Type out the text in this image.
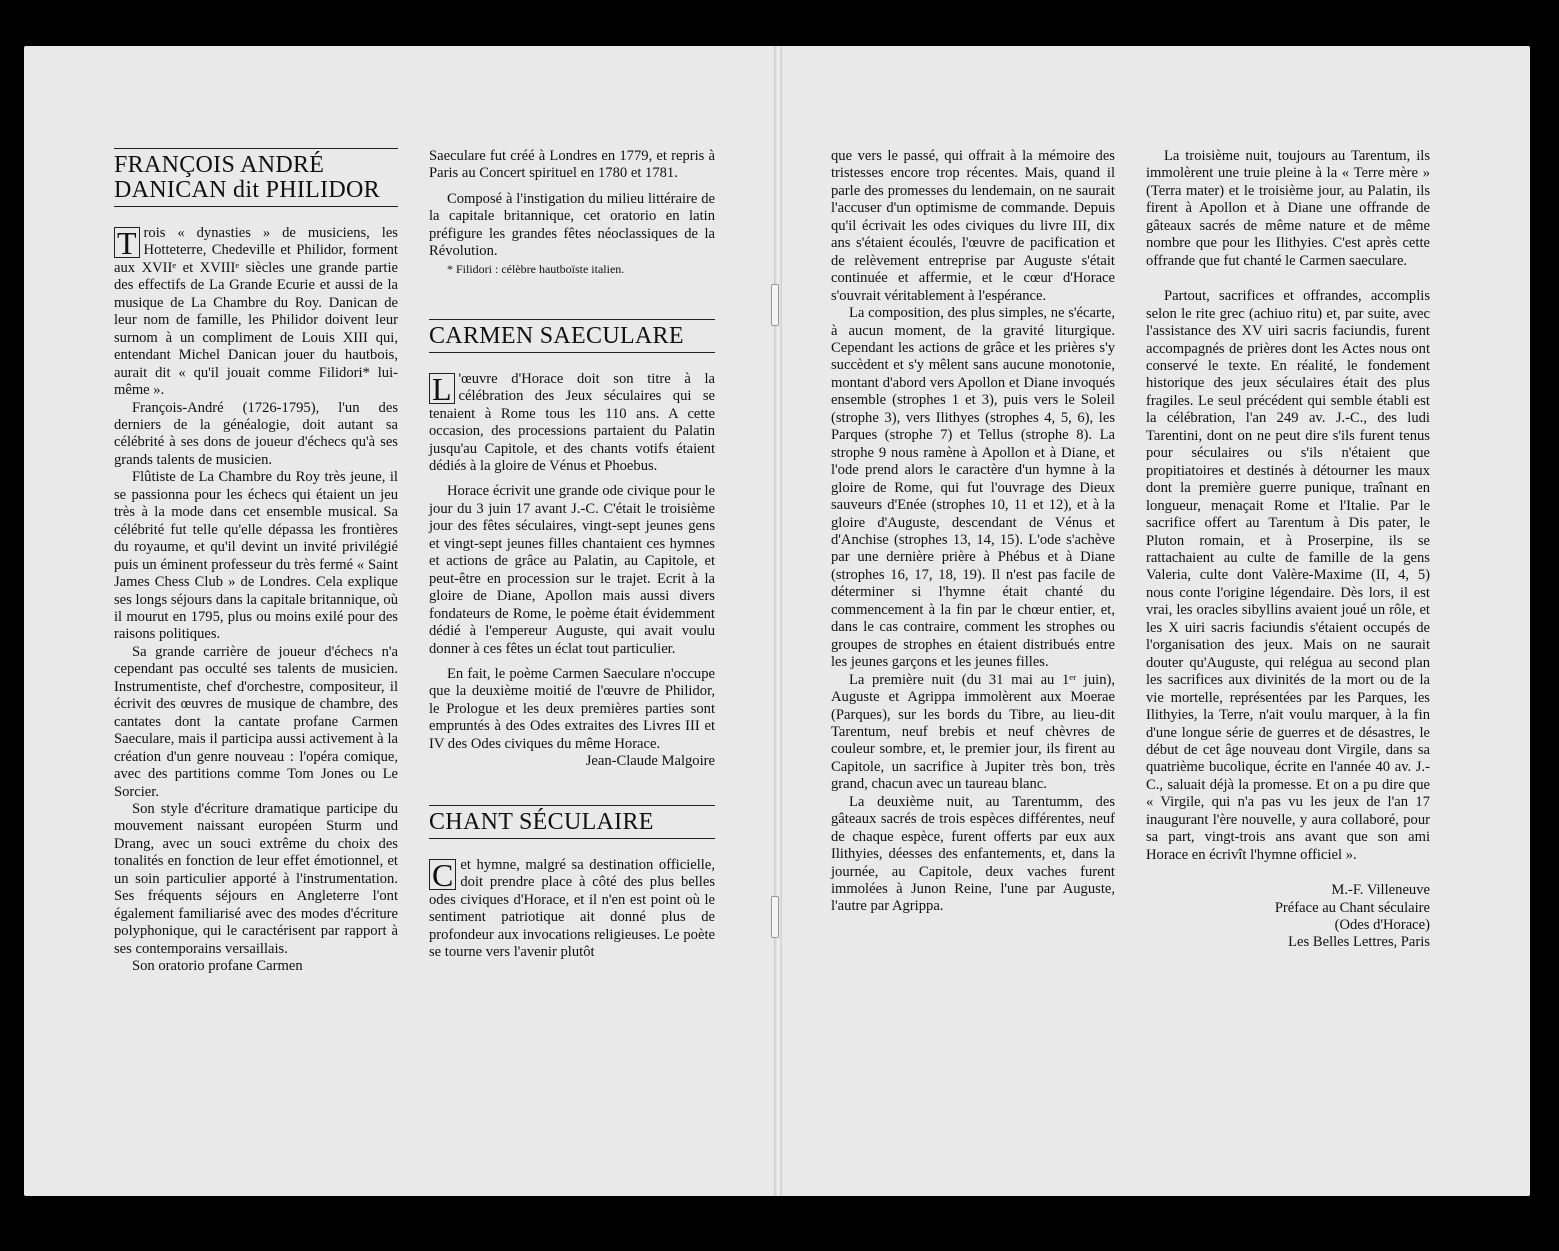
FRANÇOIS ANDRÉ
DANICAN dit PHILIDOR

T rois « dynasties » de musiciens, les Hotteterre, Chedeville et Philidor, forment aux XVIIᵉ et XVIIIᵉ siècles une grande partie des effectifs de La Grande Ecurie et aussi de la musique de La Chambre du Roy. Danican de leur nom de famille, les Philidor doivent leur surnom à un compliment de Louis XIII qui, entendant Michel Danican jouer du hautbois, aurait dit « qu'il jouait comme Filidori* lui-même ».

François-André (1726-1795), l'un des derniers de la généalogie, doit autant sa célébrité à ses dons de joueur d'échecs qu'à ses grands talents de musicien.

Flûtiste de La Chambre du Roy très jeune, il se passionna pour les échecs qui étaient un jeu très à la mode dans cet ensemble musical. Sa célébrité fut telle qu'elle dépassa les frontières du royaume, et qu'il devint un invité privilégié puis un éminent professeur du très fermé « Saint James Chess Club » de Londres. Cela explique ses longs séjours dans la capitale britannique, où il mourut en 1795, plus ou moins exilé pour des raisons politiques.

Sa grande carrière de joueur d'échecs n'a cependant pas occulté ses talents de musicien. Instrumentiste, chef d'orchestre, compositeur, il écrivit des œuvres de musique de chambre, des cantates dont la cantate profane Carmen Saeculare, mais il participa aussi activement à la création d'un genre nouveau : l'opéra comique, avec des partitions comme Tom Jones ou Le Sorcier.

Son style d'écriture dramatique participe du mouvement naissant européen Sturm und Drang, avec un souci extrême du choix des tonalités en fonction de leur effet émotionnel, et un soin particulier apporté à l'instrumentation. Ses fréquents séjours en Angleterre l'ont également familiarisé avec des modes d'écriture polyphonique, qui le caractérisent par rapport à ses contemporains versaillais.

Son oratorio profane Carmen

Saeculare fut créé à Londres en 1779, et repris à Paris au Concert spirituel en 1780 et 1781.

Composé à l'instigation du milieu littéraire de la capitale britannique, cet oratorio en latin préfigure les grandes fêtes néoclassiques de la Révolution.

* Filidori : célèbre hautboïste italien.

CARMEN SAECULARE

L 'œuvre d'Horace doit son titre à la célébration des Jeux séculaires qui se tenaient à Rome tous les 110 ans. A cette occasion, des processions partaient du Palatin jusqu'au Capitole, et des chants votifs étaient dédiés à la gloire de Vénus et Phoebus.

Horace écrivit une grande ode civique pour le jour du 3 juin 17 avant J.-C. C'était le troisième jour des fêtes séculaires, vingt-sept jeunes gens et vingt-sept jeunes filles chantaient ces hymnes et actions de grâce au Palatin, au Capitole, et peut-être en procession sur le trajet. Ecrit à la gloire de Diane, Apollon mais aussi divers fondateurs de Rome, le poème était évidemment dédié à l'empereur Auguste, qui avait voulu donner à ces fêtes un éclat tout particulier.

En fait, le poème Carmen Saeculare n'occupe que la deuxième moitié de l'œuvre de Philidor, le Prologue et les deux premières parties sont empruntés à des Odes extraites des Livres III et IV des Odes civiques du même Horace.

Jean-Claude Malgoire

CHANT SÉCULAIRE

C et hymne, malgré sa destination officielle, doit prendre place à côté des plus belles odes civiques d'Horace, et il n'en est point où le sentiment patriotique ait donné plus de profondeur aux invocations religieuses. Le poète se tourne vers l'avenir plutôt

que vers le passé, qui offrait à la mémoire des tristesses encore trop récentes. Mais, quand il parle des promesses du lendemain, on ne saurait l'accuser d'un optimisme de commande. Depuis qu'il écrivait les odes civiques du livre III, dix ans s'étaient écoulés, l'œuvre de pacification et de relèvement entreprise par Auguste s'était continuée et affermie, et le cœur d'Horace s'ouvrait véritablement à l'espérance.

La composition, des plus simples, ne s'écarte, à aucun moment, de la gravité liturgique. Cependant les actions de grâce et les prières s'y succèdent et s'y mêlent sans aucune monotonie, montant d'abord vers Apollon et Diane invoqués ensemble (strophes 1 et 3), puis vers le Soleil (strophe 3), vers Ilithyes (strophes 4, 5, 6), les Parques (strophe 7) et Tellus (strophe 8). La strophe 9 nous ramène à Apollon et à Diane, et l'ode prend alors le caractère d'un hymne à la gloire de Rome, qui fut l'ouvrage des Dieux sauveurs d'Enée (strophes 10, 11 et 12), et à la gloire d'Auguste, descendant de Vénus et d'Anchise (strophes 13, 14, 15). L'ode s'achève par une dernière prière à Phébus et à Diane (strophes 16, 17, 18, 19). Il n'est pas facile de déterminer si l'hymne était chanté du commencement à la fin par le chœur entier, et, dans le cas contraire, comment les strophes ou groupes de strophes en étaient distribués entre les jeunes garçons et les jeunes filles.

La première nuit (du 31 mai au 1ᵉʳ juin), Auguste et Agrippa immolèrent aux Moerae (Parques), sur les bords du Tibre, au lieu-dit Tarentum, neuf brebis et neuf chèvres de couleur sombre, et, le premier jour, ils firent au Capitole, un sacrifice à Jupiter très bon, très grand, chacun avec un taureau blanc.

La deuxième nuit, au Tarentumm, des gâteaux sacrés de trois espèces différentes, neuf de chaque espèce, furent offerts par eux aux Ilithyies, déesses des enfantements, et, dans la journée, au Capitole, deux vaches furent immolées à Junon Reine, l'une par Auguste, l'autre par Agrippa.

La troisième nuit, toujours au Tarentum, ils immolèrent une truie pleine à la « Terre mère » (Terra mater) et le troisième jour, au Palatin, ils firent à Apollon et à Diane une offrande de gâteaux sacrés de même nature et de même nombre que pour les Ilithyies. C'est après cette offrande que fut chanté le Carmen saeculare.

Partout, sacrifices et offrandes, accomplis selon le rite grec (achiuo ritu) et, par suite, avec l'assistance des XV uiri sacris faciundis, furent accompagnés de prières dont les Actes nous ont conservé le texte. En réalité, le fondement historique des jeux séculaires était des plus fragiles. Le seul précédent qui semble établi est la célébration, l'an 249 av. J.-C., des ludi Tarentini, dont on ne peut dire s'ils furent tenus pour séculaires ou s'ils n'étaient que propitiatoires et destinés à détourner les maux dont la première guerre punique, traînant en longueur, menaçait Rome et l'Italie. Par le sacrifice offert au Tarentum à Dis pater, le Pluton romain, et à Proserpine, ils se rattachaient au culte de famille de la gens Valeria, culte dont Valère-Maxime (II, 4, 5) nous conte l'origine légendaire. Dès lors, il est vrai, les oracles sibyllins avaient joué un rôle, et les X uiri sacris faciundis s'étaient occupés de l'organisation des jeux. Mais on ne saurait douter qu'Auguste, qui relégua au second plan les sacrifices aux divinités de la mort ou de la vie mortelle, représentées par les Parques, les Ilithyies, la Terre, n'ait voulu marquer, à la fin d'une longue série de guerres et de désastres, le début de cet âge nouveau dont Virgile, dans sa quatrième bucolique, écrite en l'année 40 av. J.-C., saluait déjà la promesse. Et on a pu dire que « Virgile, qui n'a pas vu les jeux de l'an 17 inaugurant l'ère nouvelle, y aura collaboré, pour sa part, vingt-trois ans avant que son ami Horace en écrivît l'hymne officiel ».

M.-F. Villeneuve

Préface au Chant séculaire

(Odes d'Horace)

Les Belles Lettres, Paris
